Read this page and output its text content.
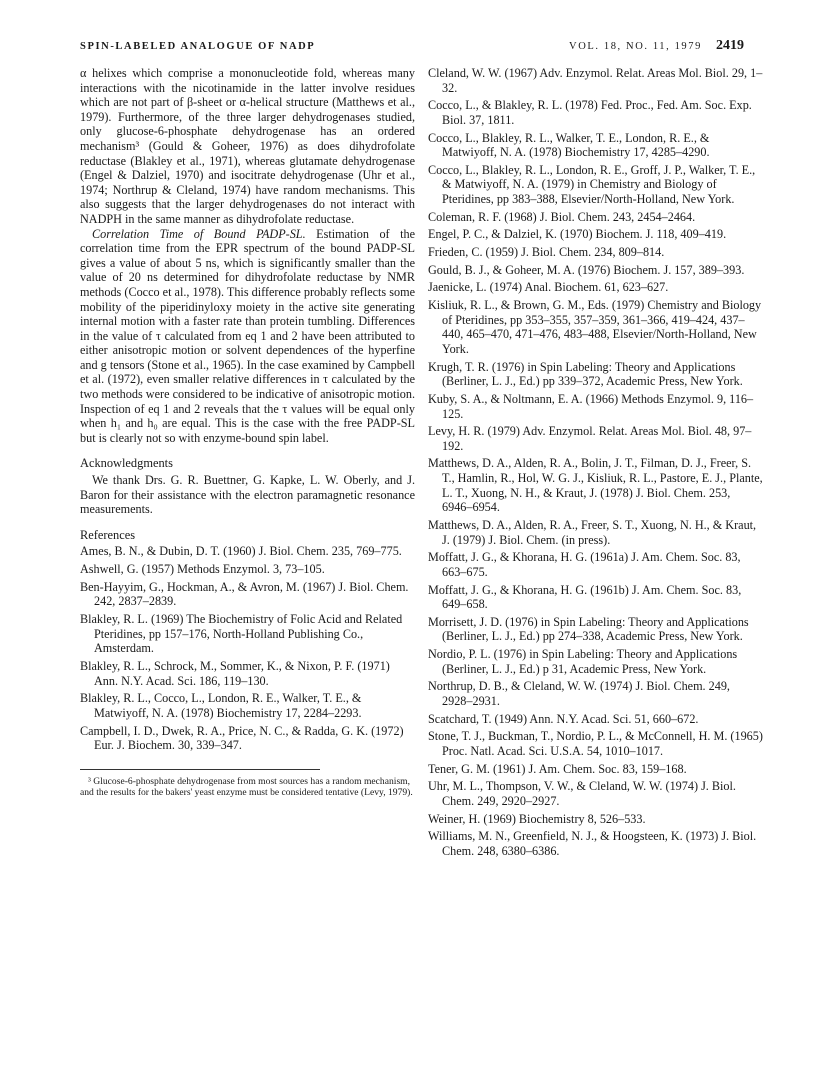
SPIN-LABELED ANALOGUE OF NADP	VOL. 18, NO. 11, 1979 2419

α helixes which comprise a mononucleotide fold, whereas many interactions with the nicotinamide in the latter involve residues which are not part of β-sheet or α-helical structure (Matthews et al., 1979). Furthermore, of the three larger dehydrogenases studied, only glucose-6-phosphate dehydrogenase has an ordered mechanism³ (Gould & Goheer, 1976) as does dihydrofolate reductase (Blakley et al., 1971), whereas glutamate dehydrogenase (Engel & Dalziel, 1970) and isocitrate dehydrogenase (Uhr et al., 1974; Northrup & Cleland, 1974) have random mechanisms. This also suggests that the larger dehydrogenases do not interact with NADPH in the same manner as dihydrofolate reductase.

Correlation Time of Bound PADP-SL. Estimation of the correlation time from the EPR spectrum of the bound PADP-SL gives a value of about 5 ns, which is significantly smaller than the value of 20 ns determined for dihydrofolate reductase by NMR methods (Cocco et al., 1978). This difference probably reflects some mobility of the piperidinyloxy moiety in the active site generating internal motion with a faster rate than protein tumbling. Differences in the value of τ calculated from eq 1 and 2 have been attributed to either anisotropic motion or solvent dependences of the hyperfine and g tensors (Stone et al., 1965). In the case examined by Campbell et al. (1972), even smaller relative differences in τ calculated by the two methods were considered to be indicative of anisotropic motion. Inspection of eq 1 and 2 reveals that the τ values will be equal only when h₁ and h₀ are equal. This is the case with the free PADP-SL but is clearly not so with enzyme-bound spin label.

Acknowledgments

We thank Drs. G. R. Buettner, G. Kapke, L. W. Oberly, and J. Baron for their assistance with the electron paramagnetic resonance measurements.

References
Ames, B. N., & Dubin, D. T. (1960) J. Biol. Chem. 235, 769–775.
Ashwell, G. (1957) Methods Enzymol. 3, 73–105.
Ben-Hayyim, G., Hockman, A., & Avron, M. (1967) J. Biol. Chem. 242, 2837–2839.
Blakley, R. L. (1969) The Biochemistry of Folic Acid and Related Pteridines, pp 157–176, North-Holland Publishing Co., Amsterdam.
Blakley, R. L., Schrock, M., Sommer, K., & Nixon, P. F. (1971) Ann. N.Y. Acad. Sci. 186, 119–130.
Blakley, R. L., Cocco, L., London, R. E., Walker, T. E., & Matwiyoff, N. A. (1978) Biochemistry 17, 2284–2293.
Campbell, I. D., Dwek, R. A., Price, N. C., & Radda, G. K. (1972) Eur. J. Biochem. 30, 339–347.

³ Glucose-6-phosphate dehydrogenase from most sources has a random mechanism, and the results for the bakers' yeast enzyme must be considered tentative (Levy, 1979).

Cleland, W. W. (1967) Adv. Enzymol. Relat. Areas Mol. Biol. 29, 1–32.
Cocco, L., & Blakley, R. L. (1978) Fed. Proc., Fed. Am. Soc. Exp. Biol. 37, 1811.
Cocco, L., Blakley, R. L., Walker, T. E., London, R. E., & Matwiyoff, N. A. (1978) Biochemistry 17, 4285–4290.
Cocco, L., Blakley, R. L., London, R. E., Groff, J. P., Walker, T. E., & Matwiyoff, N. A. (1979) in Chemistry and Biology of Pteridines, pp 383–388, Elsevier/North-Holland, New York.
Coleman, R. F. (1968) J. Biol. Chem. 243, 2454–2464.
Engel, P. C., & Dalziel, K. (1970) Biochem. J. 118, 409–419.
Frieden, C. (1959) J. Biol. Chem. 234, 809–814.
Gould, B. J., & Goheer, M. A. (1976) Biochem. J. 157, 389–393.
Jaenicke, L. (1974) Anal. Biochem. 61, 623–627.
Kisliuk, R. L., & Brown, G. M., Eds. (1979) Chemistry and Biology of Pteridines, pp 353–355, 357–359, 361–366, 419–424, 437–440, 465–470, 471–476, 483–488, Elsevier/North-Holland, New York.
Krugh, T. R. (1976) in Spin Labeling: Theory and Applications (Berliner, L. J., Ed.) pp 339–372, Academic Press, New York.
Kuby, S. A., & Noltmann, E. A. (1966) Methods Enzymol. 9, 116–125.
Levy, H. R. (1979) Adv. Enzymol. Relat. Areas Mol. Biol. 48, 97–192.
Matthews, D. A., Alden, R. A., Bolin, J. T., Filman, D. J., Freer, S. T., Hamlin, R., Hol, W. G. J., Kisliuk, R. L., Pastore, E. J., Plante, L. T., Xuong, N. H., & Kraut, J. (1978) J. Biol. Chem. 253, 6946–6954.
Matthews, D. A., Alden, R. A., Freer, S. T., Xuong, N. H., & Kraut, J. (1979) J. Biol. Chem. (in press).
Moffatt, J. G., & Khorana, H. G. (1961a) J. Am. Chem. Soc. 83, 663–675.
Moffatt, J. G., & Khorana, H. G. (1961b) J. Am. Chem. Soc. 83, 649–658.
Morrisett, J. D. (1976) in Spin Labeling: Theory and Applications (Berliner, L. J., Ed.) pp 274–338, Academic Press, New York.
Nordio, P. L. (1976) in Spin Labeling: Theory and Applications (Berliner, L. J., Ed.) p 31, Academic Press, New York.
Northrup, D. B., & Cleland, W. W. (1974) J. Biol. Chem. 249, 2928–2931.
Scatchard, T. (1949) Ann. N.Y. Acad. Sci. 51, 660–672.
Stone, T. J., Buckman, T., Nordio, P. L., & McConnell, H. M. (1965) Proc. Natl. Acad. Sci. U.S.A. 54, 1010–1017.
Tener, G. M. (1961) J. Am. Chem. Soc. 83, 159–168.
Uhr, M. L., Thompson, V. W., & Cleland, W. W. (1974) J. Biol. Chem. 249, 2920–2927.
Weiner, H. (1969) Biochemistry 8, 526–533.
Williams, M. N., Greenfield, N. J., & Hoogsteen, K. (1973) J. Biol. Chem. 248, 6380–6386.
